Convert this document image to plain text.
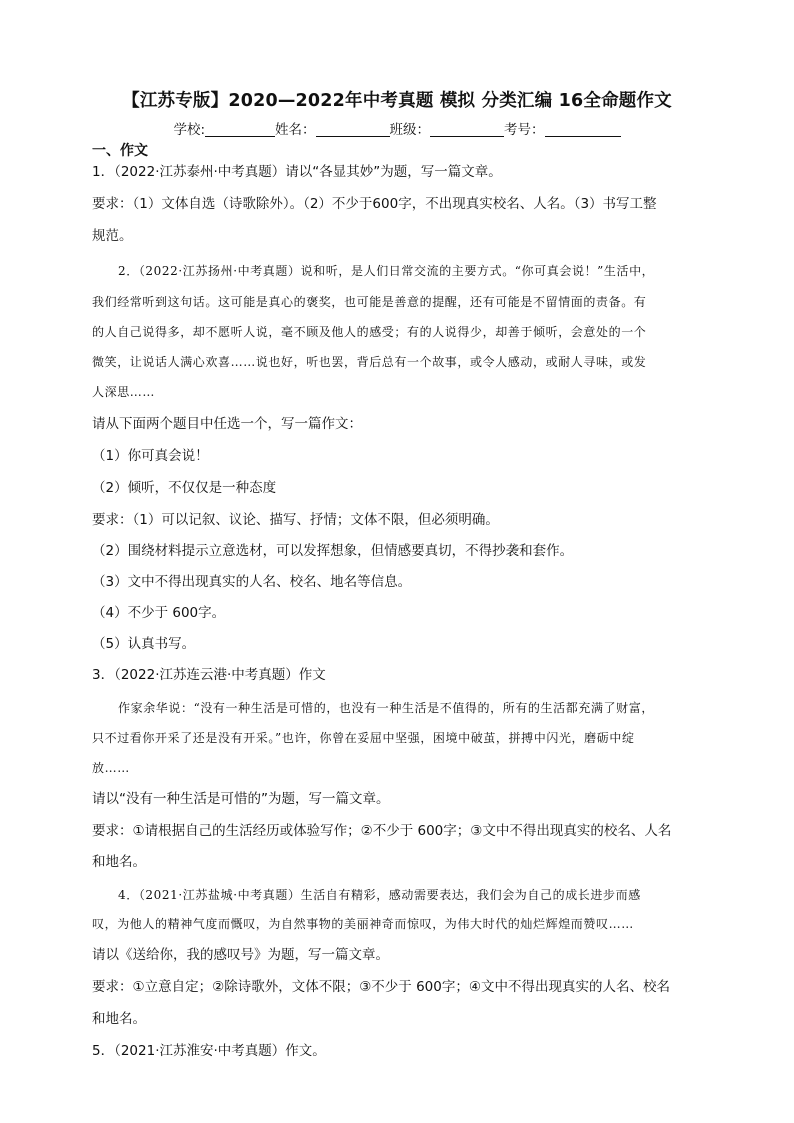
【江苏专版】2020—2022年中考真题 模拟 分类汇编 16全命题作文
学校:	姓名：	班级：	考号：
一、作文
1．（2022·江苏泰州·中考真题）请以“各显其妙”为题，写一篇文章。
要求：（1）文体自选（诗歌除外）。（2）不少于600字，不出现真实校名、人名。（3）书写工整
规范。
2．（2022·江苏扬州·中考真题）说和听，是人们日常交流的主要方式。“你可真会说！”生活中，
我们经常听到这句话。这可能是真心的褒奖，也可能是善意的提醒，还有可能是不留情面的责备。有
的人自己说得多，却不愿听人说，毫不顾及他人的感受；有的人说得少，却善于倾听，会意处的一个
微笑，让说话人满心欢喜……说也好，听也罢，背后总有一个故事，或令人感动，或耐人寻味，或发
人深思……
请从下面两个题目中任选一个，写一篇作文：
（1）你可真会说！
（2）倾听，不仅仅是一种态度
要求：（1）可以记叙、议论、描写、抒情；文体不限，但必须明确。
（2）围绕材料提示立意选材，可以发挥想象，但情感要真切，不得抄袭和套作。
（3）文中不得出现真实的人名、校名、地名等信息。
（4）不少于 600字。
（5）认真书写。
3．（2022·江苏连云港·中考真题）作文
作家余华说：“没有一种生活是可惜的，也没有一种生活是不值得的，所有的生活都充满了财富，
只不过看你开采了还是没有开采。”也许，你曾在妥屈中坚强，困境中破茧，拼搏中闪光，磨砺中绽
放……
请以“没有一种生活是可惜的”为题，写一篇文章。
要求：①请根据自己的生活经历或体验写作；②不少于 600字；③文中不得出现真实的校名、人名
和地名。
4．（2021·江苏盐城·中考真题）生活自有精彩，感动需要表达，我们会为自己的成长进步而感
叹，为他人的精神气度而慨叹，为自然事物的美丽神奇而惊叹，为伟大时代的灿烂辉煌而赞叹……
请以《送给你，我的感叹号》为题，写一篇文章。
要求：①立意自定；②除诗歌外，文体不限；③不少于 600字；④文中不得出现真实的人名、校名
和地名。
5．（2021·江苏淮安·中考真题）作文。
